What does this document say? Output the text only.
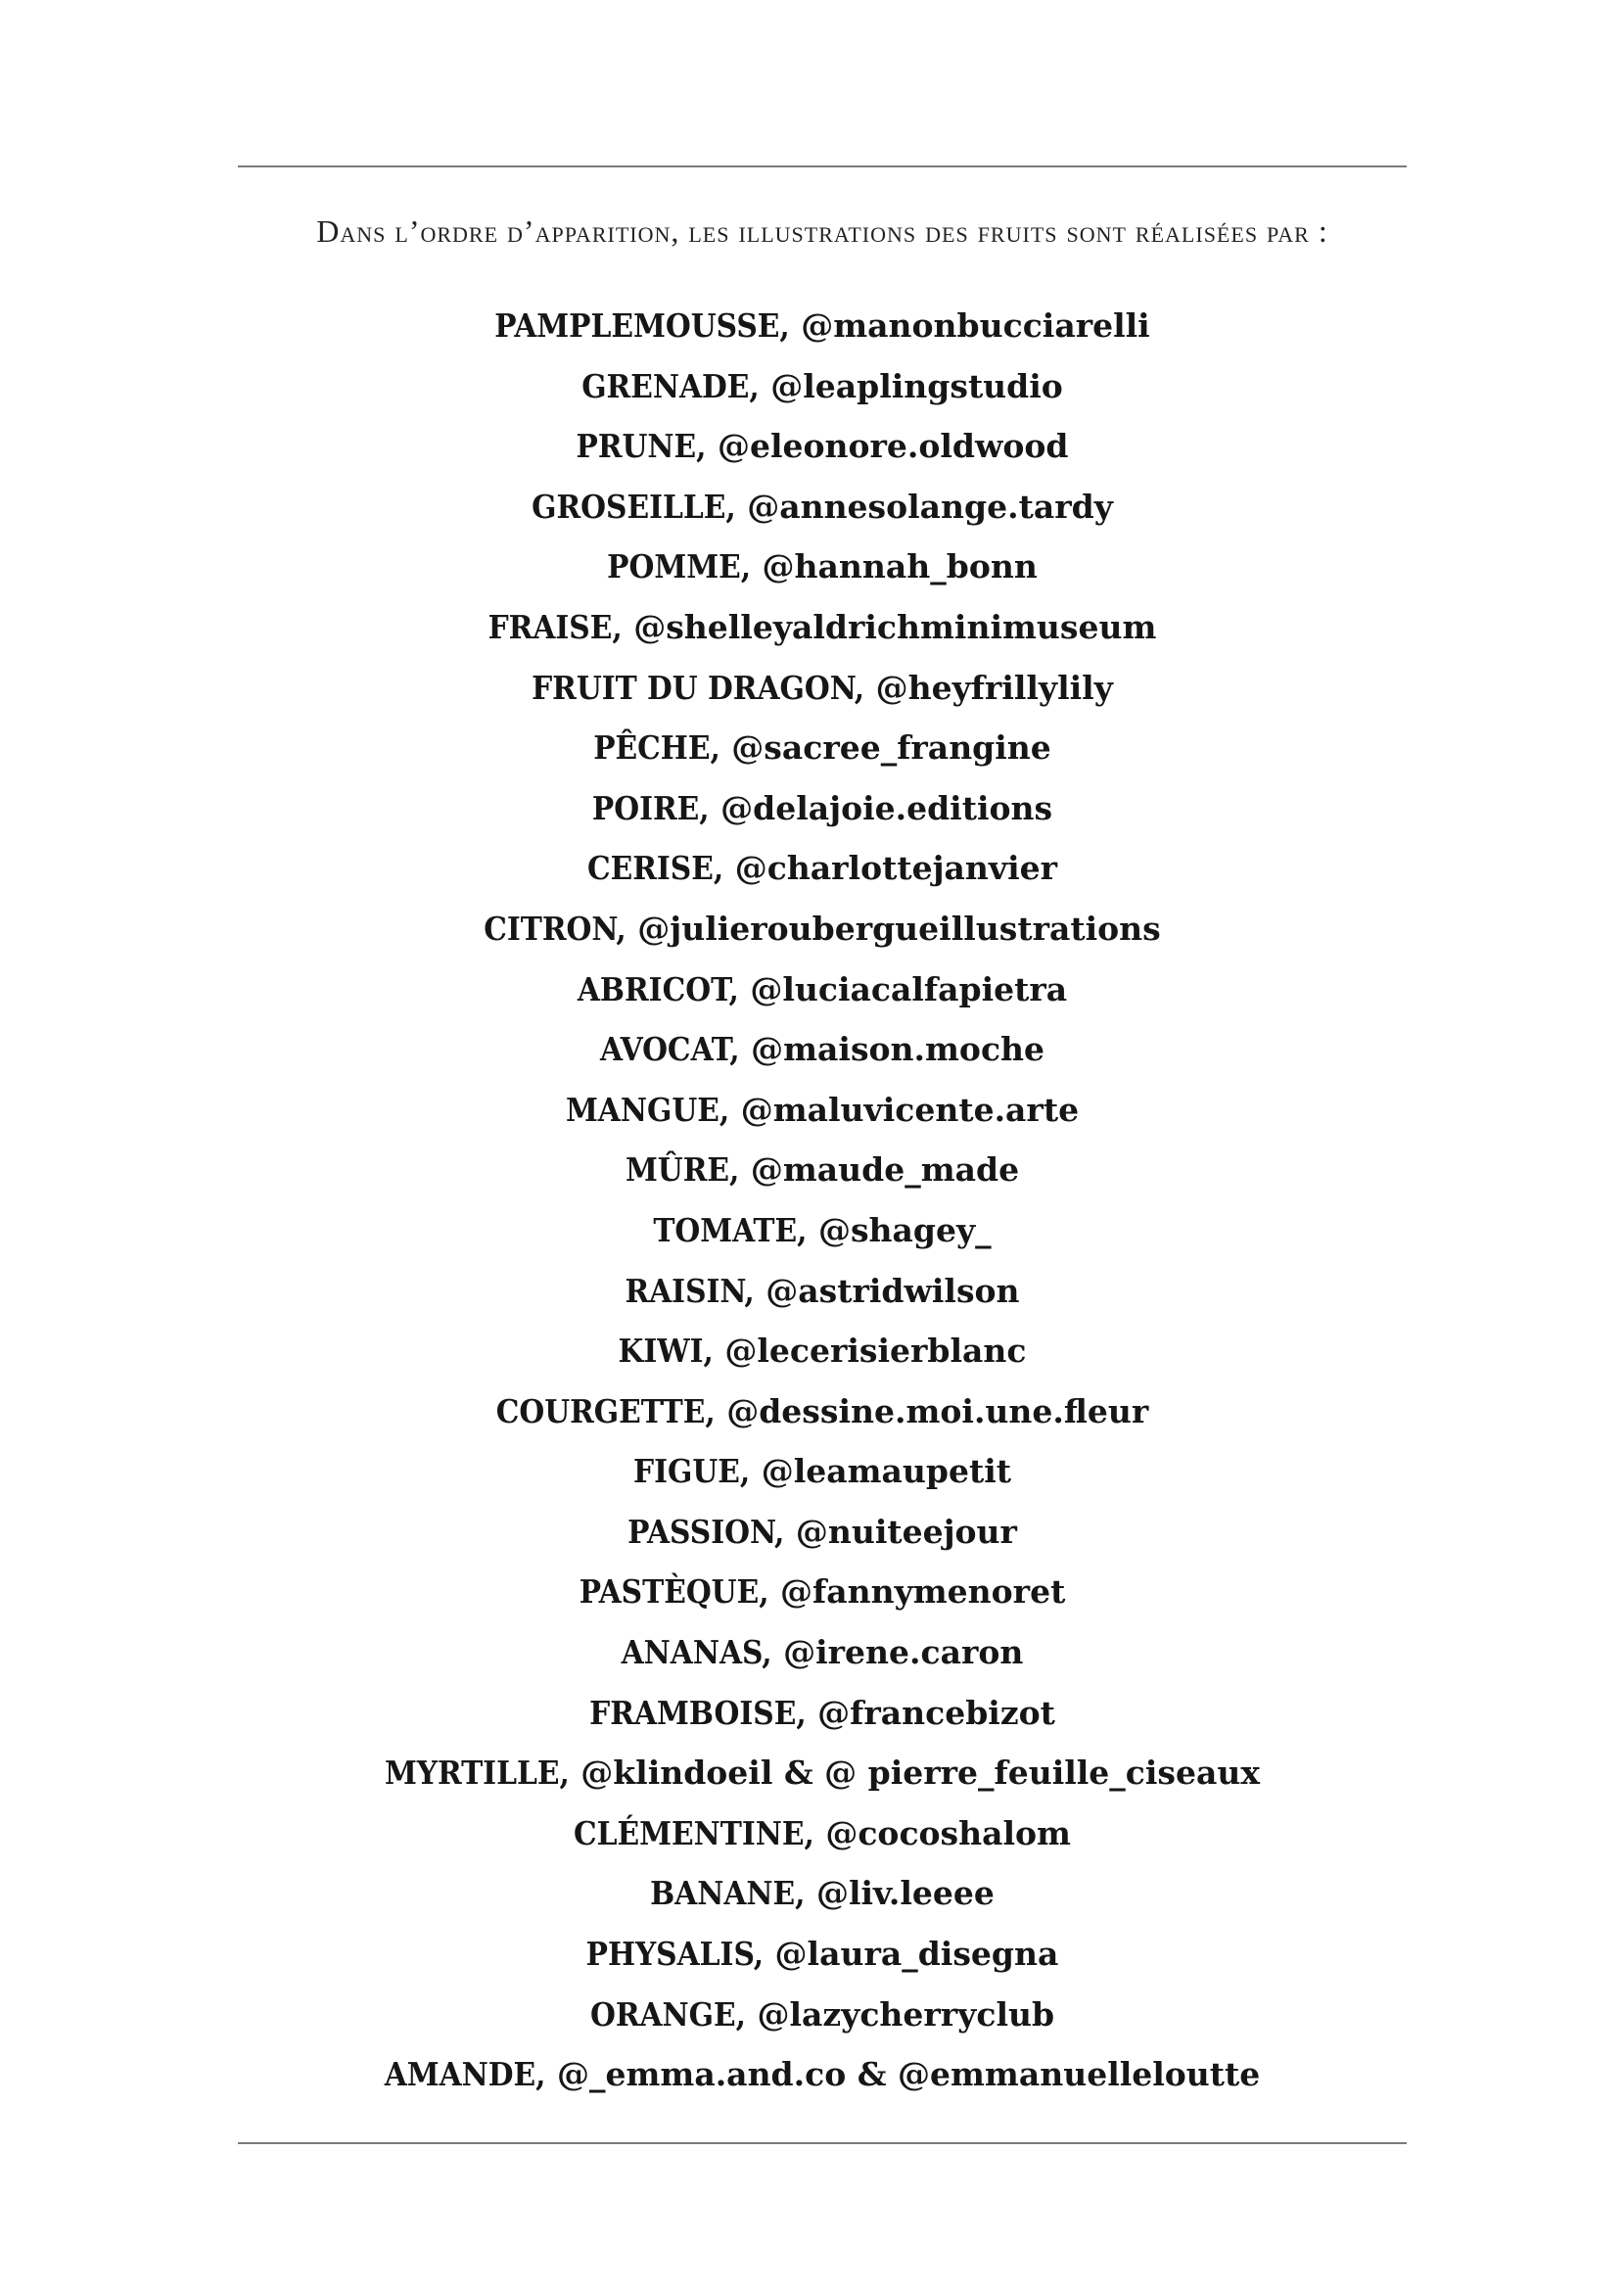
Dans l’ordre d’apparition, les illustrations des fruits sont réalisées par :

PAMPLEMOUSSE, @manonbucciarelli
GRENADE, @leaplingstudio
PRUNE, @eleonore.oldwood
GROSEILLE, @annesolange.tardy
POMME, @hannah_bonn
FRAISE, @shelleyaldrichminimuseum
FRUIT DU DRAGON, @heyfrillylily
PÊCHE, @sacree_frangine
POIRE, @delajoie.editions
CERISE, @charlottejanvier
CITRON, @julieroubergueillustrations
ABRICOT, @luciacalfapietra
AVOCAT, @maison.moche
MANGUE, @maluvicente.arte
MÛRE, @maude_made
TOMATE, @shagey_
RAISIN, @astridwilson
KIWI, @lecerisierblanc
COURGETTE, @dessine.moi.une.fleur
FIGUE, @leamaupetit
PASSION, @nuiteejour
PASTÈQUE, @fannymenoret
ANANAS, @irene.caron
FRAMBOISE, @francebizot
MYRTILLE, @klindoeil & @ pierre_feuille_ciseaux
CLÉMENTINE, @cocoshalom
BANANE, @liv.leeee
PHYSALIS, @laura_disegna
ORANGE, @lazycherryclub
AMANDE, @_emma.and.co & @emmanuelleloutte
